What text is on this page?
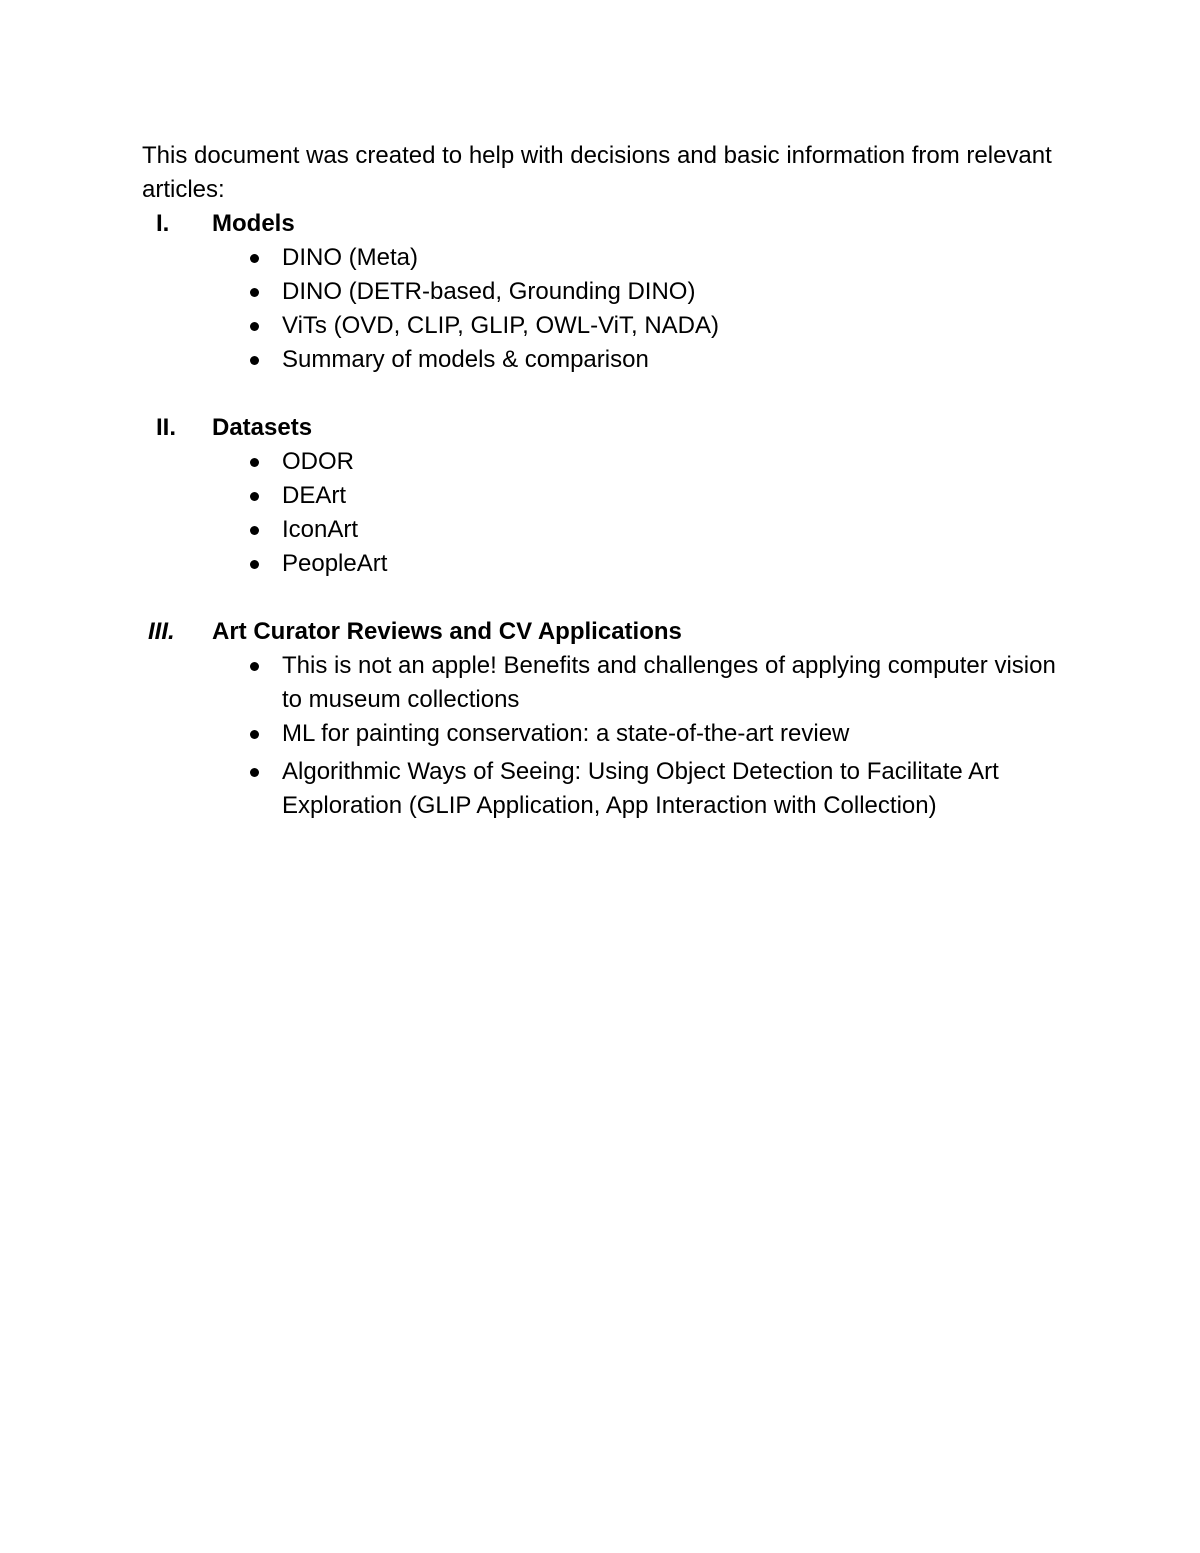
This document was created to help with decisions and basic information from relevant articles:

I.	Models
DINO (Meta)
DINO (DETR-based, Grounding DINO)
ViTs (OVD, CLIP, GLIP, OWL-ViT, NADA)
Summary of models & comparison
II.	Datasets
ODOR
DEArt
IconArt
PeopleArt
III.	Art Curator Reviews and CV Applications
This is not an apple! Benefits and challenges of applying computer vision to museum collections
ML for painting conservation: a state-of-the-art review
Algorithmic Ways of Seeing: Using Object Detection to Facilitate Art Exploration (GLIP Application, App Interaction with Collection)
